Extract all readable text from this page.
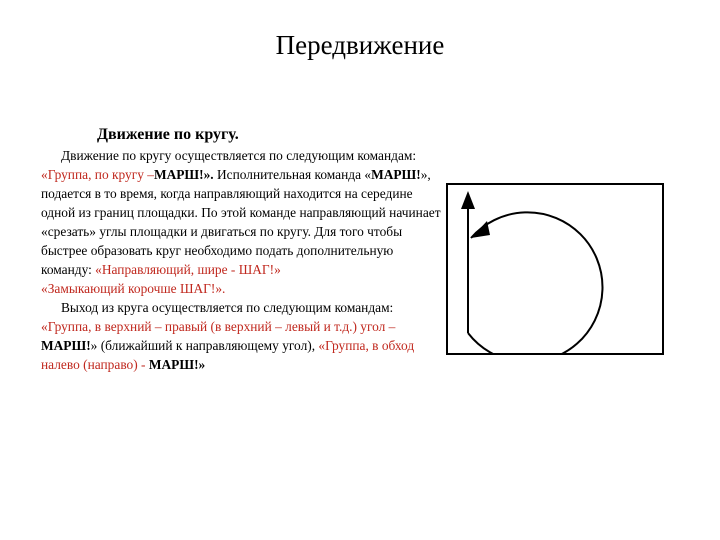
Передвижение
Движение по кругу.

Движение по кругу осуществляется по следующим командам: «Группа, по кругу –МАРШ!». Исполнительная команда «МАРШ!», подается в то время, когда направляющий находится на середине одной из границ площадки. По этой команде направляющий начинает «срезать» углы площадки и двигаться по кругу. Для того чтобы быстрее образовать круг необходимо подать дополнительную команду: «Направляющий, шире - ШАГ!»
«Замыкающий корочше ШАГ!».

Выход из круга осуществляется по следующим командам: «Группа, в верхний – правый (в верхний – левый и т.д.) угол – МАРШ!» (ближайший к направляющему угол), «Группа, в обход налево (направо) - МАРШ!»
